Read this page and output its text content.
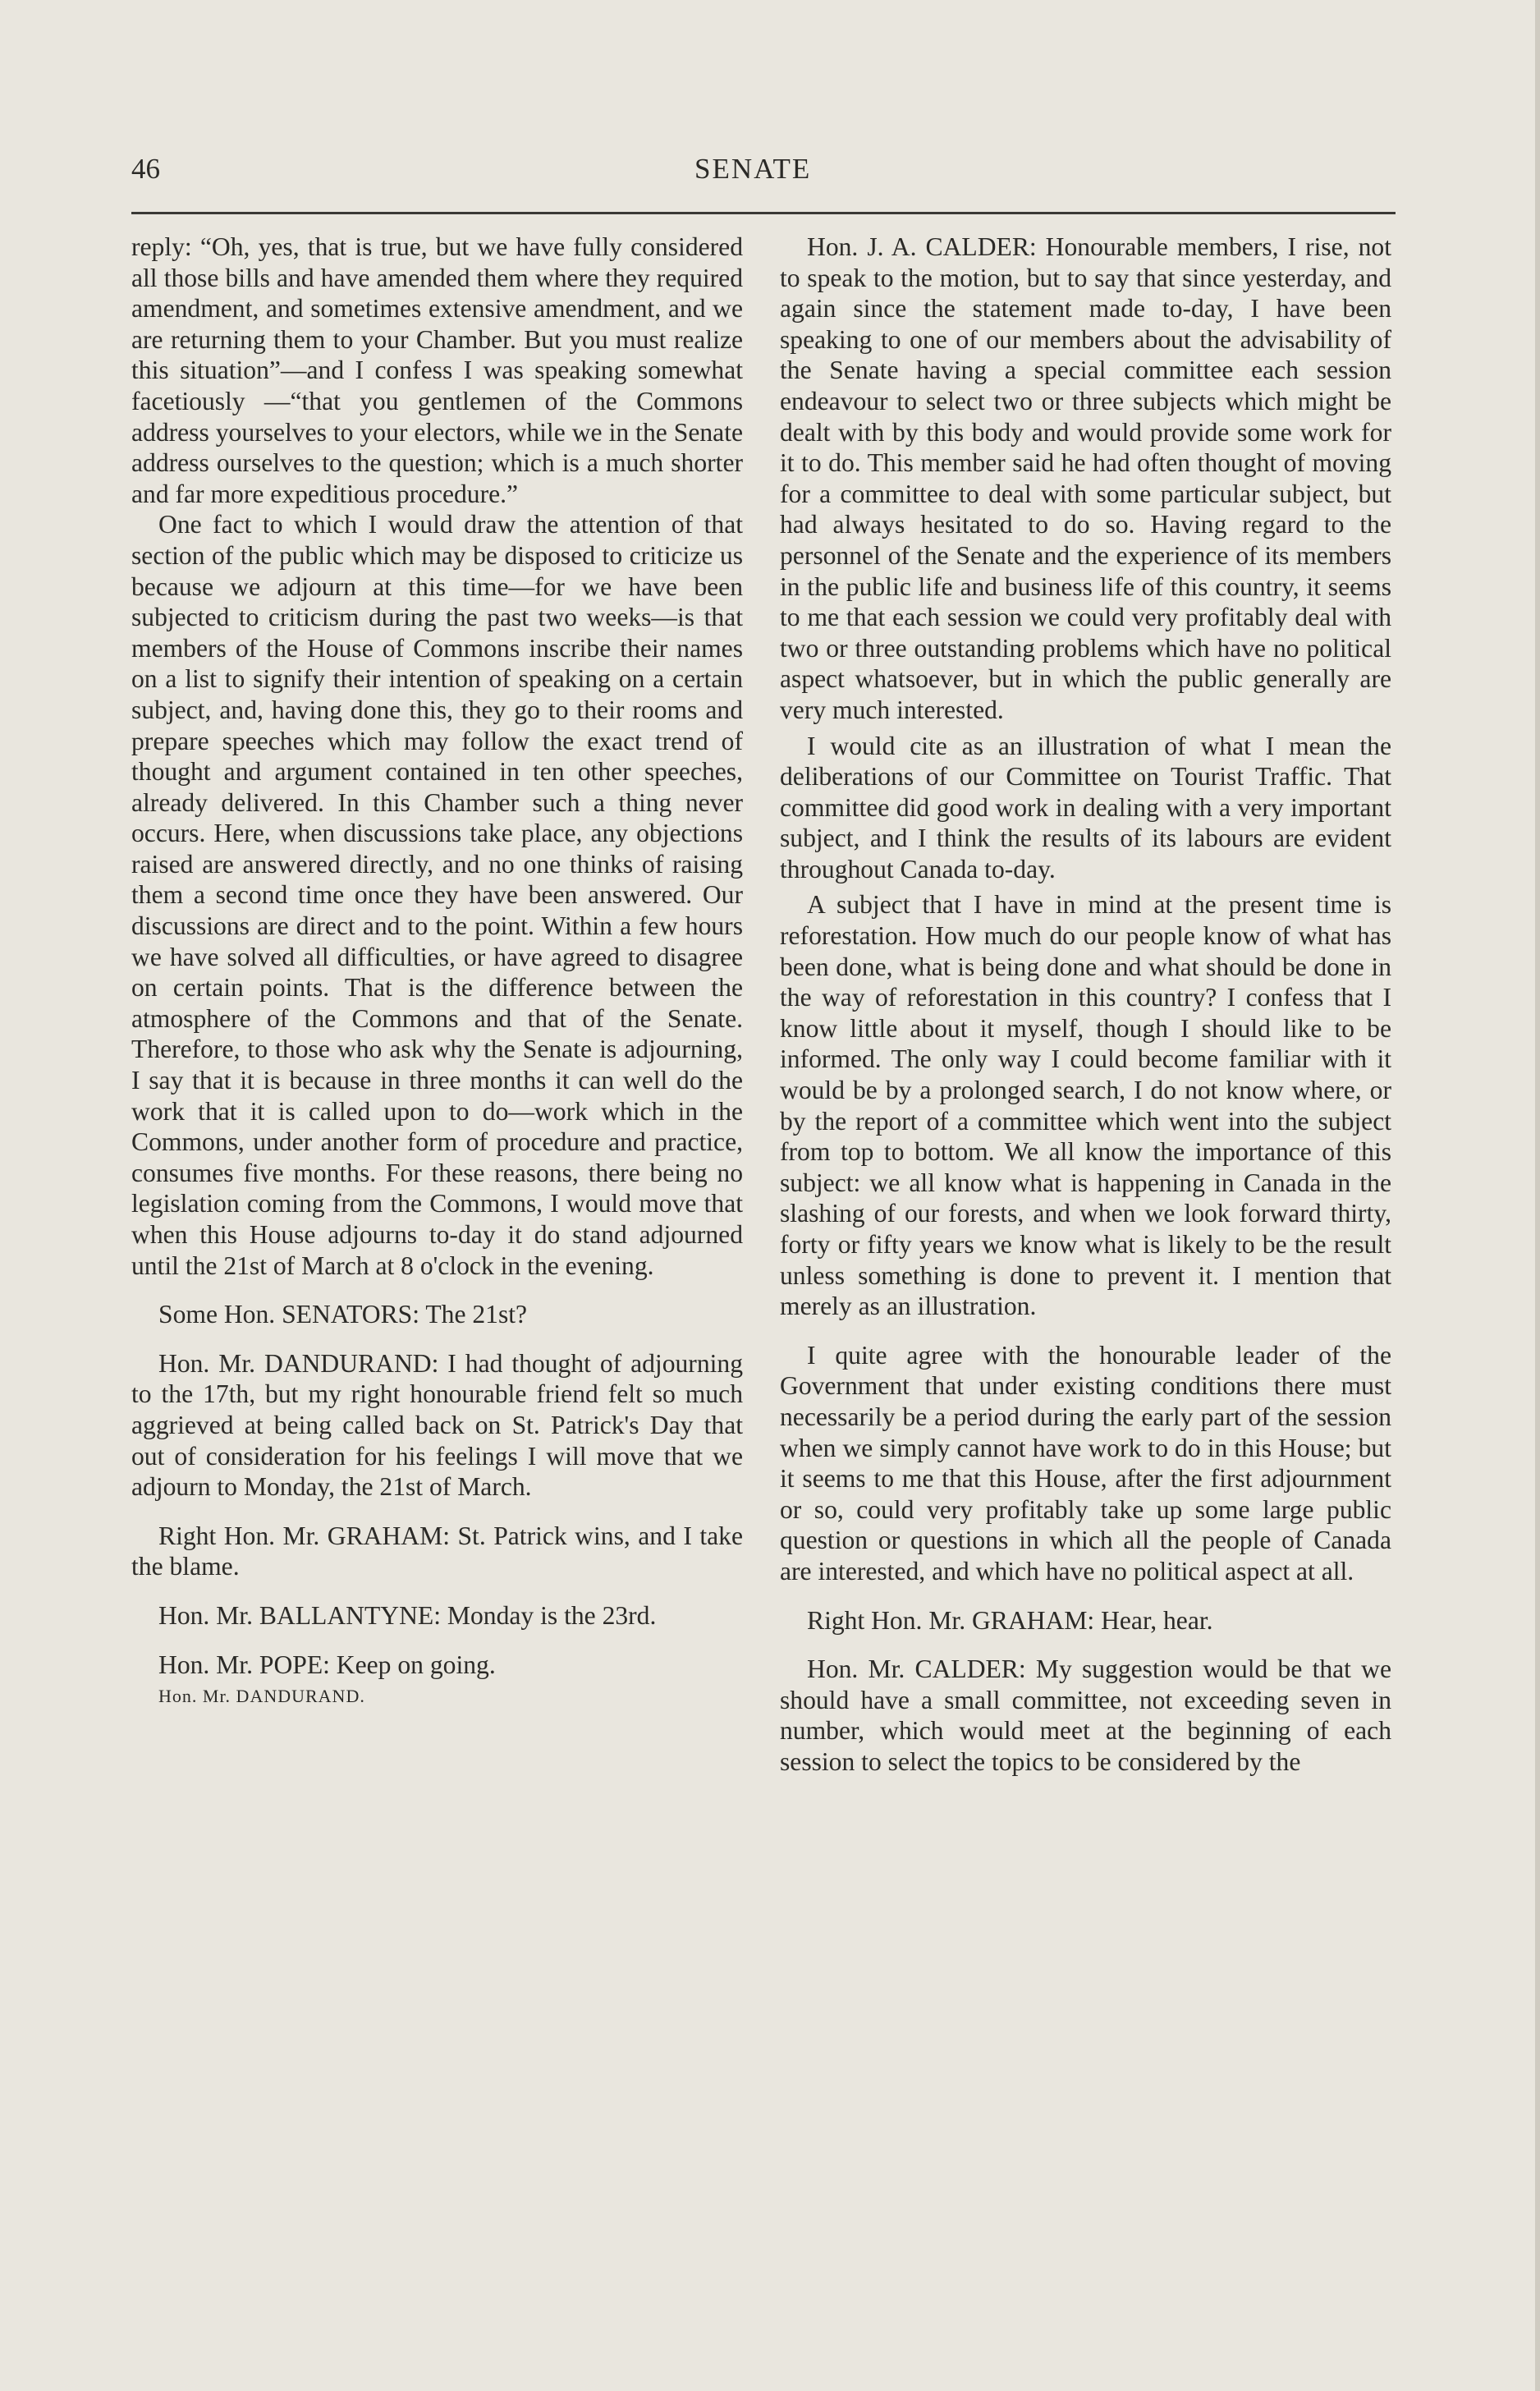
46	SENATE

reply: “Oh, yes, that is true, but we have fully considered all those bills and have amended them where they required amendment, and sometimes extensive amendment, and we are returning them to your Chamber. But you must realize this situation”—and I confess I was speaking somewhat facetiously —“that you gentlemen of the Commons address yourselves to your electors, while we in the Senate address ourselves to the question; which is a much shorter and far more expeditious procedure.”

One fact to which I would draw the attention of that section of the public which may be disposed to criticize us because we adjourn at this time—for we have been subjected to criticism during the past two weeks—is that members of the House of Commons inscribe their names on a list to signify their intention of speaking on a certain subject, and, having done this, they go to their rooms and prepare speeches which may follow the exact trend of thought and argument contained in ten other speeches, already delivered. In this Chamber such a thing never occurs. Here, when discussions take place, any objections raised are answered directly, and no one thinks of raising them a second time once they have been answered. Our discussions are direct and to the point. Within a few hours we have solved all difficulties, or have agreed to disagree on certain points. That is the difference between the atmosphere of the Commons and that of the Senate. Therefore, to those who ask why the Senate is adjourning, I say that it is because in three months it can well do the work that it is called upon to do—work which in the Commons, under another form of procedure and practice, consumes five months. For these reasons, there being no legislation coming from the Commons, I would move that when this House adjourns to-day it do stand adjourned until the 21st of March at 8 o'clock in the evening.

Some Hon. SENATORS: The 21st?

Hon. Mr. DANDURAND: I had thought of adjourning to the 17th, but my right honourable friend felt so much aggrieved at being called back on St. Patrick's Day that out of consideration for his feelings I will move that we adjourn to Monday, the 21st of March.

Right Hon. Mr. GRAHAM: St. Patrick wins, and I take the blame.

Hon. Mr. BALLANTYNE: Monday is the 23rd.

Hon. Mr. POPE: Keep on going.

Hon. Mr. DANDURAND.

Hon. J. A. CALDER: Honourable members, I rise, not to speak to the motion, but to say that since yesterday, and again since the statement made to-day, I have been speaking to one of our members about the advisability of the Senate having a special committee each session endeavour to select two or three subjects which might be dealt with by this body and would provide some work for it to do. This member said he had often thought of moving for a committee to deal with some particular subject, but had always hesitated to do so. Having regard to the personnel of the Senate and the experience of its members in the public life and business life of this country, it seems to me that each session we could very profitably deal with two or three outstanding problems which have no political aspect whatsoever, but in which the public generally are very much interested.

I would cite as an illustration of what I mean the deliberations of our Committee on Tourist Traffic. That committee did good work in dealing with a very important subject, and I think the results of its labours are evident throughout Canada to-day.

A subject that I have in mind at the present time is reforestation. How much do our people know of what has been done, what is being done and what should be done in the way of reforestation in this country? I confess that I know little about it myself, though I should like to be informed. The only way I could become familiar with it would be by a prolonged search, I do not know where, or by the report of a committee which went into the subject from top to bottom. We all know the importance of this subject: we all know what is happening in Canada in the slashing of our forests, and when we look forward thirty, forty or fifty years we know what is likely to be the result unless something is done to prevent it. I mention that merely as an illustration.

I quite agree with the honourable leader of the Government that under existing conditions there must necessarily be a period during the early part of the session when we simply cannot have work to do in this House; but it seems to me that this House, after the first adjournment or so, could very profitably take up some large public question or questions in which all the people of Canada are interested, and which have no political aspect at all.

Right Hon. Mr. GRAHAM: Hear, hear.

Hon. Mr. CALDER: My suggestion would be that we should have a small committee, not exceeding seven in number, which would meet at the beginning of each session to select the topics to be considered by the
